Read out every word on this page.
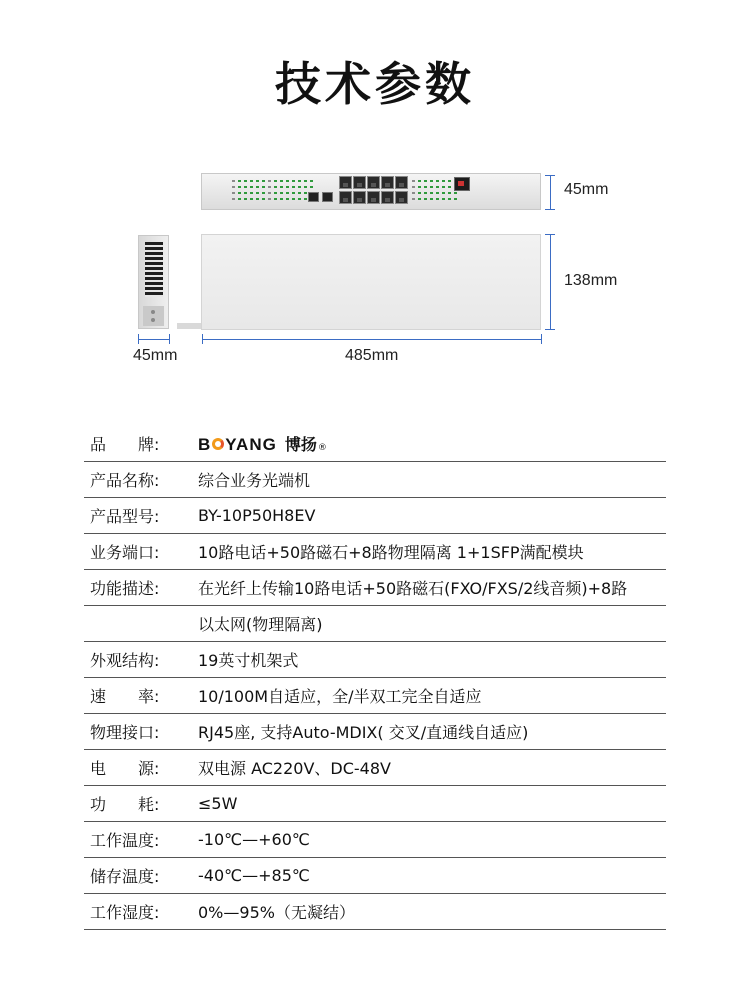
技术参数
45mm
138mm
45mm	485mm
品　　牌:	B YANG 博扬 ®
产品名称:	综合业务光端机
产品型号:	BY-10P50H8EV
业务端口:	10路电话+50路磁石+8路物理隔离 1+1SFP满配模块
功能描述:	在光纤上传输10路电话+50路磁石(FXO/FXS/2线音频)+8路
以太网(物理隔离)
外观结构:	19英寸机架式
速　　率:	10/100M自适应，全/半双工完全自适应
物理接口:	RJ45座, 支持Auto-MDIX( 交叉/直通线自适应)
电　　源:	双电源 AC220V、DC-48V
功　　耗:	≤5W
工作温度:	-10℃—+60℃
储存温度:	-40℃—+85℃
工作湿度:	0%—95%（无凝结）
